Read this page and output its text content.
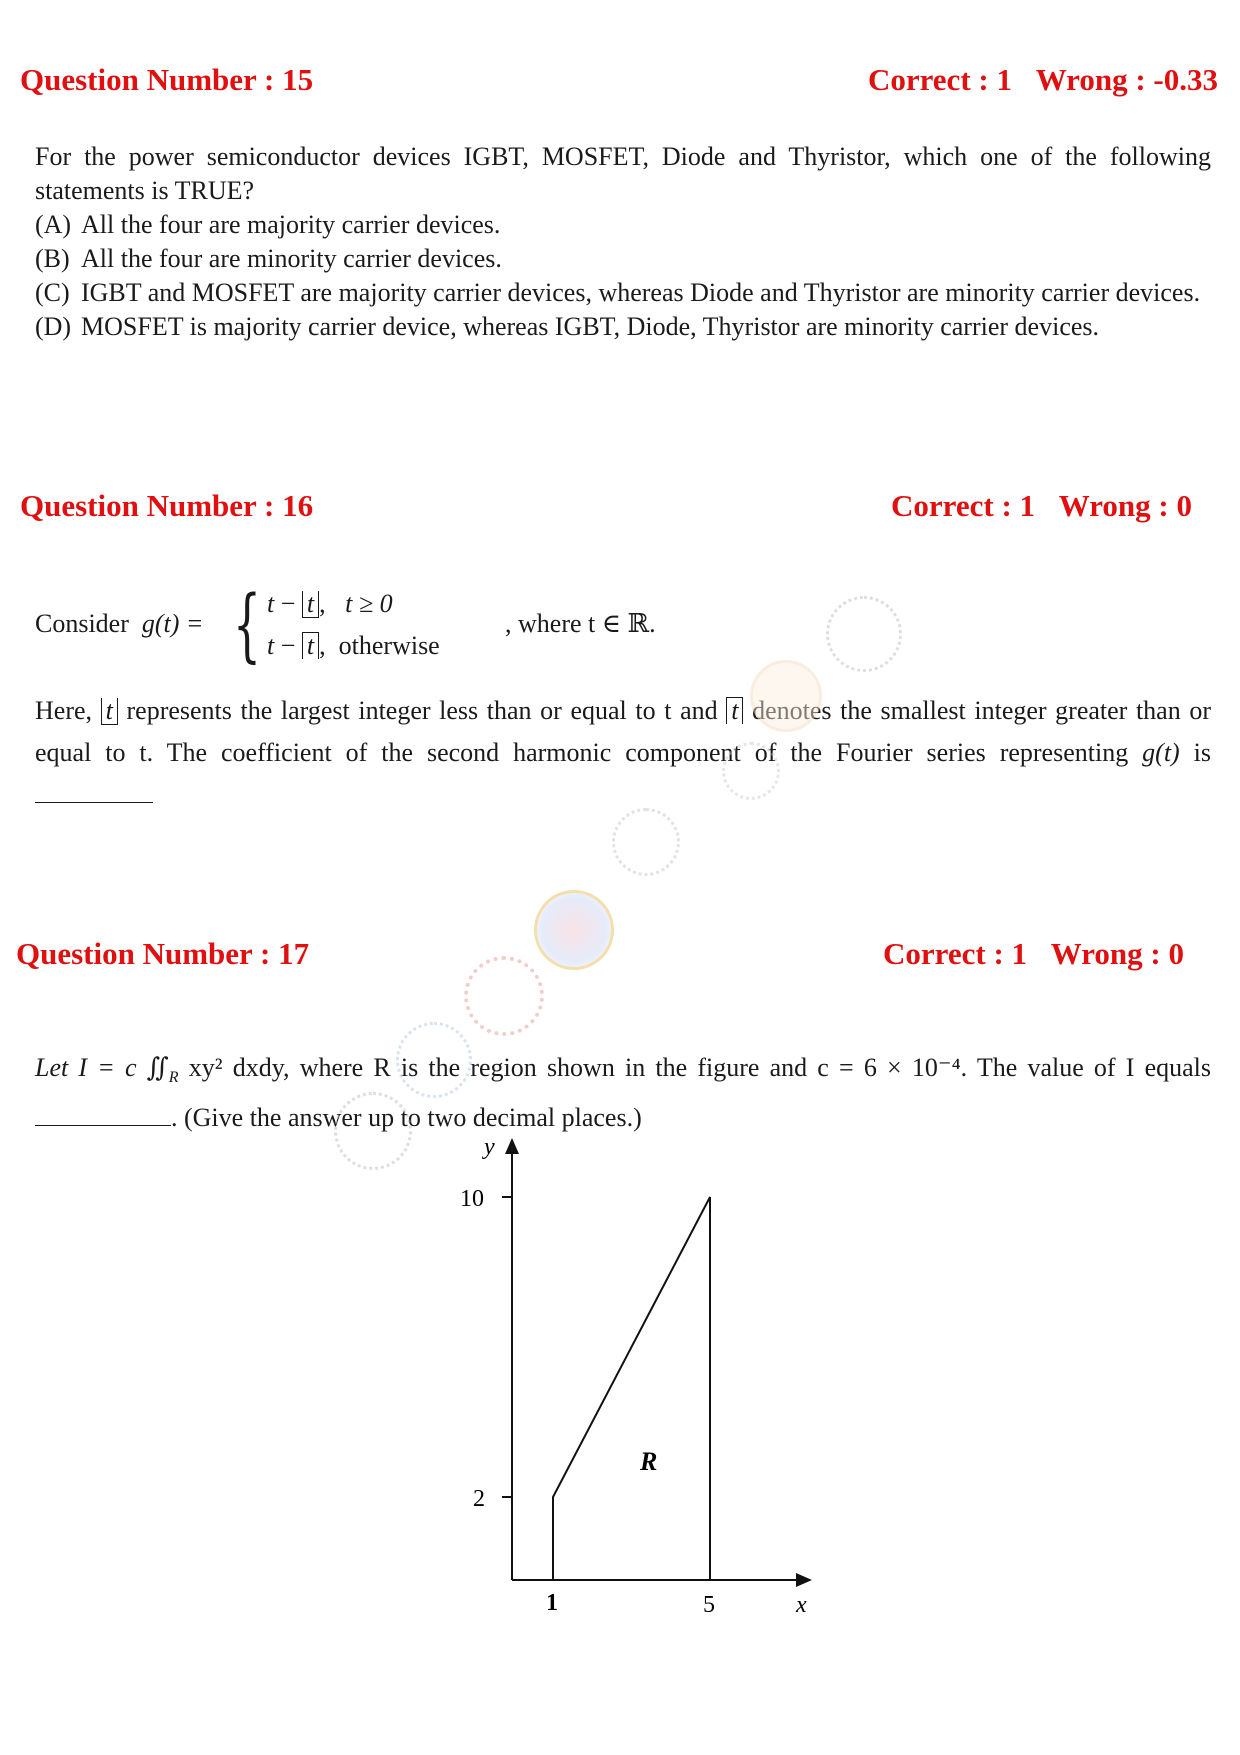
Question Number : 15	Correct : 1 Wrong : -0.33

For the power semiconductor devices IGBT, MOSFET, Diode and Thyristor, which one of the following statements is TRUE?

(A) All the four are majority carrier devices.

(B) All the four are minority carrier devices.

(C) IGBT and MOSFET are majority carrier devices, whereas Diode and Thyristor are minority carrier devices.

(D) MOSFET is majority carrier device, whereas IGBT, Diode, Thyristor are minority carrier devices.

Question Number : 16	Correct : 1 Wrong : 0
Consider g(t) = { t − t ,   t ≥ 0
t − t ,  otherwise
, where t ∈ ℝ.
Here, t represents the largest integer less than or equal to t and t denotes the smallest integer greater than or equal to t. The coefficient of the second harmonic component of the Fourier series representing g(t) is
Question Number : 17	Correct : 1 Wrong : 0
Let I = c $∬_R$ xy² dxdy, where R is the region shown in the figure and c = 6 × 10⁻⁴. The value of I equals . (Give the answer up to two decimal places.)
y
10
2
1	5	x
R
